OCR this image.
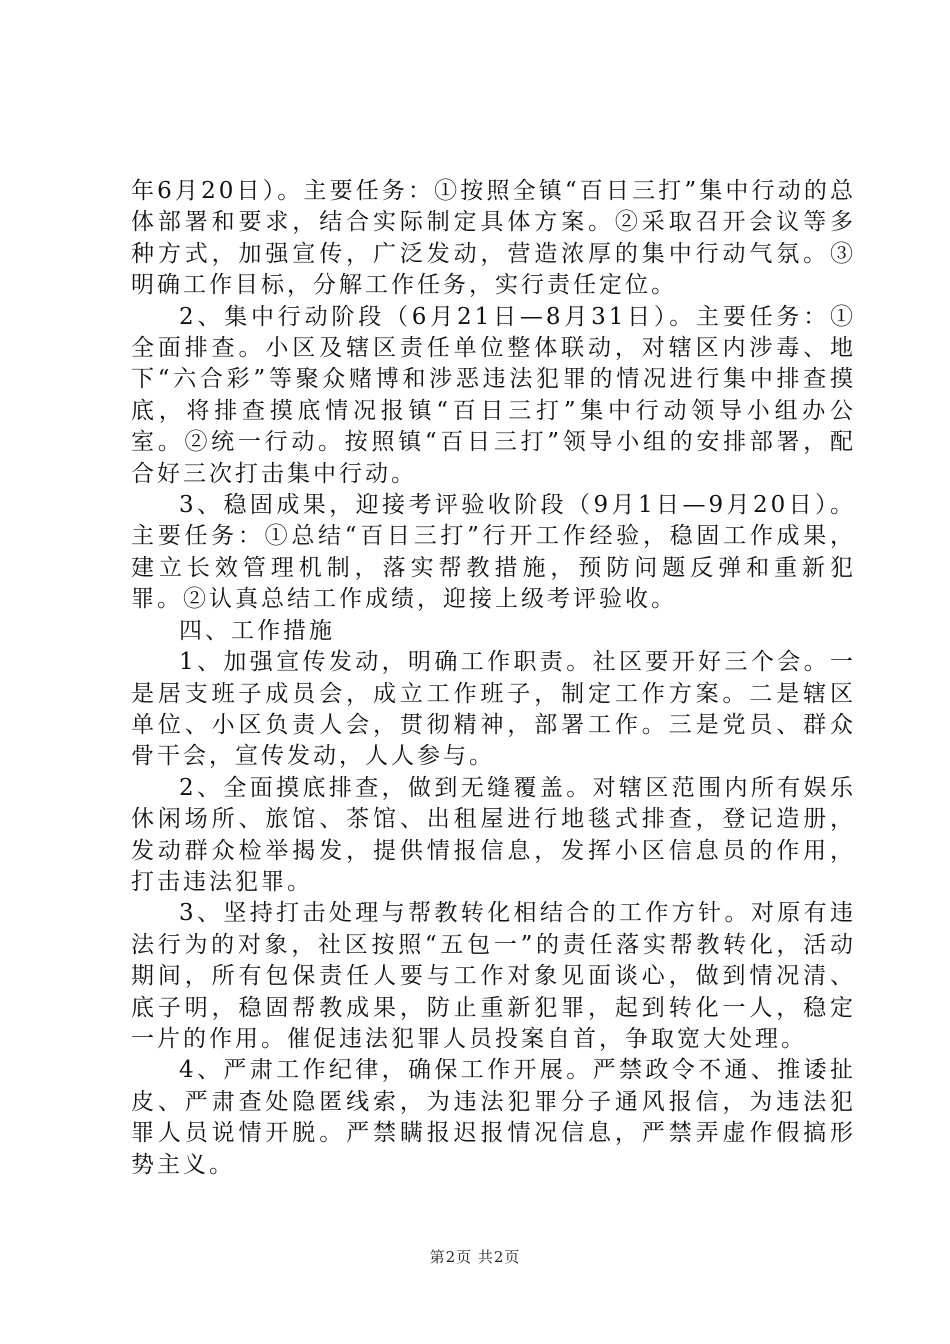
年6月20日）。主要任务：①按照全镇“百日三打”集中行动的总体部署和要求，结合实际制定具体方案。②采取召开会议等多种方式，加强宣传，广泛发动，营造浓厚的集中行动气氛。③明确工作目标，分解工作任务，实行责任定位。

2、集中行动阶段（6月21日—8月31日）。主要任务：①全面排查。小区及辖区责任单位整体联动，对辖区内涉毒、地下“六合彩”等聚众赌博和涉恶违法犯罪的情况进行集中排查摸底，将排查摸底情况报镇“百日三打”集中行动领导小组办公室。②统一行动。按照镇“百日三打”领导小组的安排部署，配合好三次打击集中行动。

3、稳固成果，迎接考评验收阶段（9月1日—9月20日）。主要任务：①总结“百日三打”行开工作经验，稳固工作成果，建立长效管理机制，落实帮教措施，预防问题反弹和重新犯罪。②认真总结工作成绩，迎接上级考评验收。

四、工作措施

1、加强宣传发动，明确工作职责。社区要开好三个会。一是居支班子成员会，成立工作班子，制定工作方案。二是辖区单位、小区负责人会，贯彻精神，部署工作。三是党员、群众骨干会，宣传发动，人人参与。

2、全面摸底排查，做到无缝覆盖。对辖区范围内所有娱乐休闲场所、旅馆、茶馆、出租屋进行地毯式排查，登记造册，发动群众检举揭发，提供情报信息，发挥小区信息员的作用，打击违法犯罪。

3、坚持打击处理与帮教转化相结合的工作方针。对原有违法行为的对象，社区按照“五包一”的责任落实帮教转化，活动期间，所有包保责任人要与工作对象见面谈心，做到情况清、底子明，稳固帮教成果，防止重新犯罪，起到转化一人，稳定一片的作用。催促违法犯罪人员投案自首，争取宽大处理。

4、严肃工作纪律，确保工作开展。严禁政令不通、推诿扯皮、严肃查处隐匿线索，为违法犯罪分子通风报信，为违法犯罪人员说情开脱。严禁瞒报迟报情况信息，严禁弄虚作假搞形势主义。

第2页 共2页
